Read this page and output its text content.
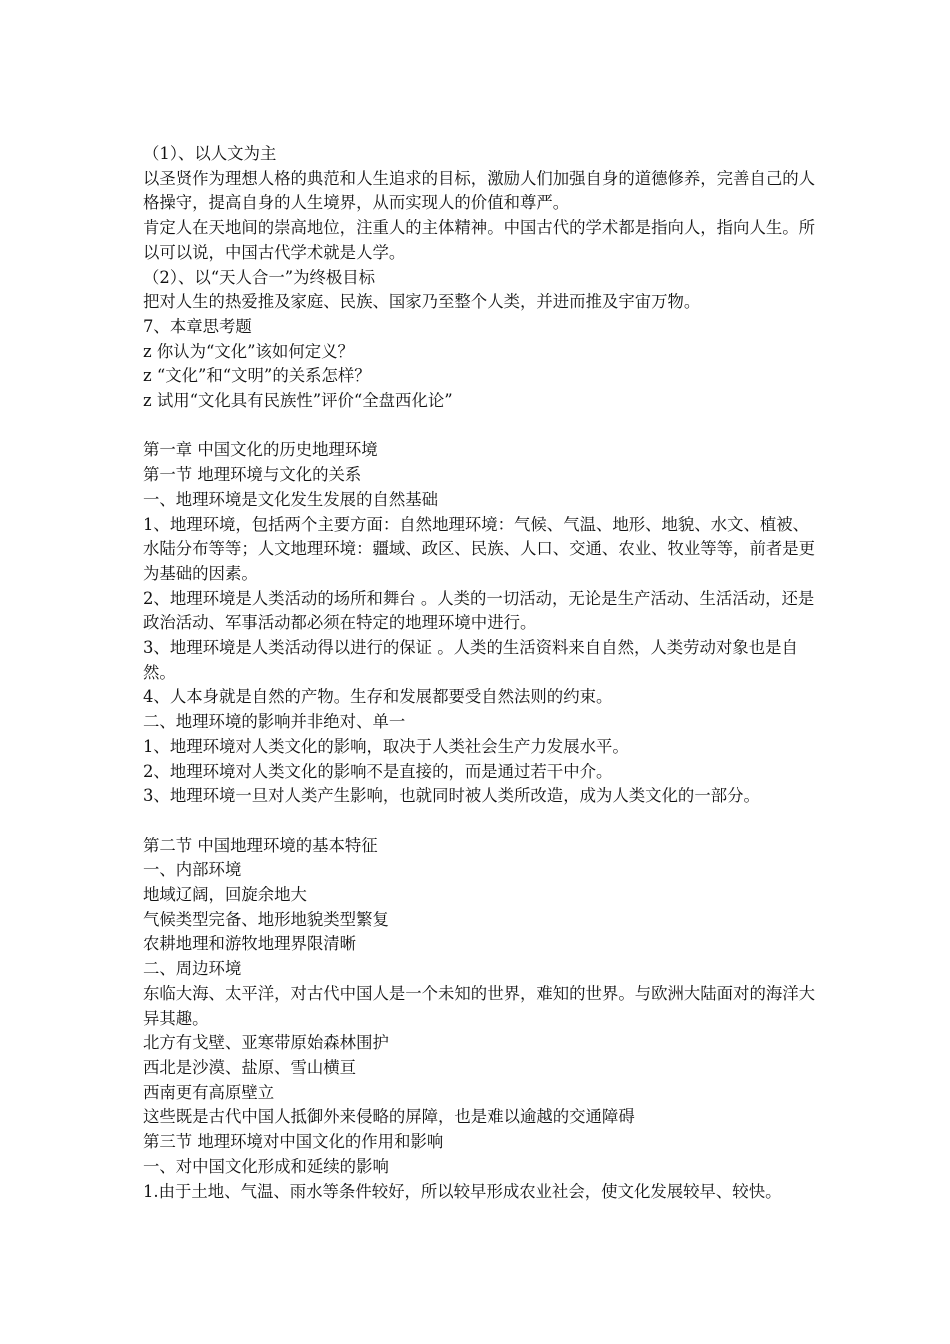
（1）、以人文为主

以圣贤作为理想人格的典范和人生追求的目标，激励人们加强自身的道德修养，完善自己的人格操守，提高自身的人生境界，从而实现人的价值和尊严。

肯定人在天地间的崇高地位，注重人的主体精神。中国古代的学术都是指向人，指向人生。所以可以说，中国古代学术就是人学。

（2）、以“天人合一”为终极目标

把对人生的热爱推及家庭、民族、国家乃至整个人类，并进而推及宇宙万物。

7、本章思考题

z 你认为“文化”该如何定义？

z “文化”和“文明”的关系怎样？

z 试用“文化具有民族性”评价“全盘西化论”

第一章 中国文化的历史地理环境

第一节 地理环境与文化的关系

一、地理环境是文化发生发展的自然基础

1、地理环境，包括两个主要方面：自然地理环境：气候、气温、地形、地貌、水文、植被、水陆分布等等；人文地理环境：疆域、政区、民族、人口、交通、农业、牧业等等，前者是更为基础的因素。

2、地理环境是人类活动的场所和舞台 。人类的一切活动，无论是生产活动、生活活动，还是政治活动、军事活动都必须在特定的地理环境中进行。

3、地理环境是人类活动得以进行的保证 。人类的生活资料来自自然，人类劳动对象也是自然。

4、人本身就是自然的产物。生存和发展都要受自然法则的约束。

二、地理环境的影响并非绝对、单一

1、地理环境对人类文化的影响，取决于人类社会生产力发展水平。

2、地理环境对人类文化的影响不是直接的，而是通过若干中介。

3、地理环境一旦对人类产生影响，也就同时被人类所改造，成为人类文化的一部分。

第二节 中国地理环境的基本特征

一、内部环境

地域辽阔，回旋余地大

气候类型完备、地形地貌类型繁复

农耕地理和游牧地理界限清晰

二、周边环境

东临大海、太平洋，对古代中国人是一个未知的世界，难知的世界。与欧洲大陆面对的海洋大异其趣。

北方有戈壁、亚寒带原始森林围护

西北是沙漠、盐原、雪山横亘

西南更有高原壁立

这些既是古代中国人抵御外来侵略的屏障，也是难以逾越的交通障碍

第三节 地理环境对中国文化的作用和影响

一、对中国文化形成和延续的影响

1.由于土地、气温、雨水等条件较好，所以较早形成农业社会，使文化发展较早、较快。
